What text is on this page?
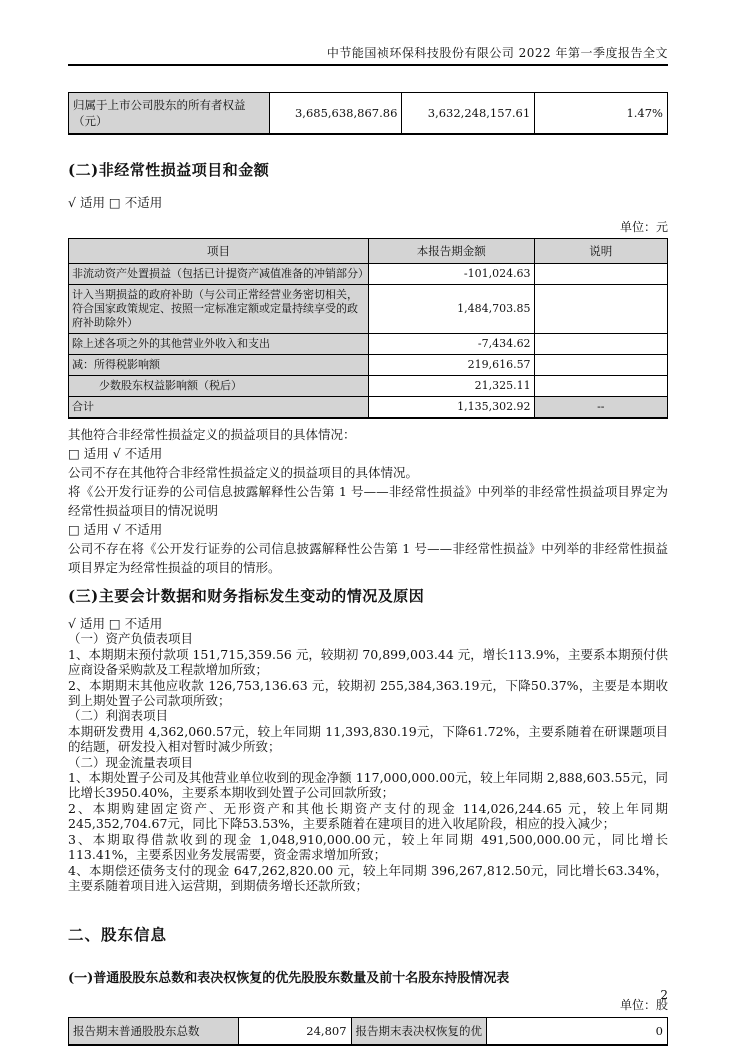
中节能国祯环保科技股份有限公司 2022 年第一季度报告全文
归属于上市公司股东的所有者权益（元）	3,685,638,867.86	3,632,248,157.61	1.47%
(二)非经常性损益项目和金额
√ 适用 □ 不适用
单位：元
项目	本报告期金额	说明
非流动资产处置损益（包括已计提资产减值准备的冲销部分）	-101,024.63	
计入当期损益的政府补助（与公司正常经营业务密切相关，符合国家政策规定、按照一定标准定额或定量持续享受的政府补助除外）	1,484,703.85	
除上述各项之外的其他营业外收入和支出	-7,434.62	
减：所得税影响额	219,616.57	
少数股东权益影响额（税后）	21,325.11	
合计	1,135,302.92	--

其他符合非经常性损益定义的损益项目的具体情况：

□ 适用 √ 不适用

公司不存在其他符合非经常性损益定义的损益项目的具体情况。

将《公开发行证券的公司信息披露解释性公告第 1 号——非经常性损益》中列举的非经常性损益项目界定为经常性损益项目的情况说明

□ 适用 √ 不适用

公司不存在将《公开发行证券的公司信息披露解释性公告第 1 号——非经常性损益》中列举的非经常性损益项目界定为经常性损益的项目的情形。

(三)主要会计数据和财务指标发生变动的情况及原因

√ 适用 □ 不适用

（一）资产负债表项目

1、本期期末预付款项 151,715,359.56 元，较期初 70,899,003.44 元，增长113.9%，主要系本期预付供应商设备采购款及工程款增加所致；

2、本期期末其他应收款 126,753,136.63 元，较期初 255,384,363.19元，下降50.37%，主要是本期收到上期处置子公司款项所致；

（二）利润表项目

本期研发费用 4,362,060.57元，较上年同期 11,393,830.19元，下降61.72%，主要系随着在研课题项目的结题，研发投入相对暂时减少所致；

（二）现金流量表项目

1、本期处置子公司及其他营业单位收到的现金净额 117,000,000.00元，较上年同期 2,888,603.55元，同比增长3950.40%，主要系本期收到处置子公司回款所致；

2、本期购建固定资产、无形资产和其他长期资产支付的现金 114,026,244.65 元，较上年同期 245,352,704.67元，同比下降53.53%，主要系随着在建项目的进入收尾阶段，相应的投入减少；

3、本期取得借款收到的现金 1,048,910,000.00元，较上年同期 491,500,000.00元，同比增长113.41%，主要系因业务发展需要，资金需求增加所致；

4、本期偿还债务支付的现金 647,262,820.00 元，较上年同期 396,267,812.50元，同比增长63.34%，主要系随着项目进入运营期，到期债务增长还款所致；

二、股东信息
(一)普通股股东总数和表决权恢复的优先股股东数量及前十名股东持股情况表
单位：股
报告期末普通股股东总数	24,807	报告期末表决权恢复的优	0
2
